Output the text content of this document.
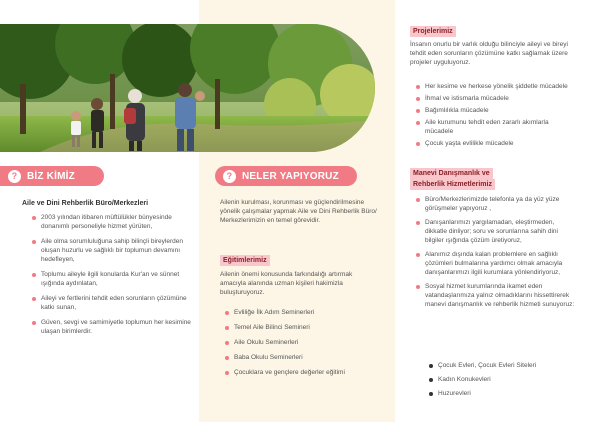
? BİZ KİMİZ
Aile ve Dini Rehberlik Büro/Merkezleri
2003 yılından itibaren müftülükler bünyesinde donanımlı personeliyle hizmet yürüten,
Aile olma sorumluluğuna sahip bilinçli bireylerden oluşan huzurlu ve sağlıklı bir toplumun devamını hedefleyen,
Toplumu aileyle ilgili konularda Kur'an ve sünnet ışığında aydınlatan,
Aileyi ve fertlerini tehdit eden sorunların çözümüne katkı sunan,
Güven, sevgi ve samimiyetle toplumun her kesimine ulaşan birimlerdir.
? NELER YAPIYORUZ
Ailenin kurulması, korunması ve güçlendirilmesine yönelik çalışmalar yapmak Aile ve Dini Rehberlik Büro/ Merkezlerimizin en temel görevidir.
Eğitimlerimiz
Ailenin önemi konusunda farkındalığı artırmak amacıyla alanında uzman kişileri hakimizla buluşturuyoruz.
Evliliğe İlk Adım Seminerleri
Temel Aile Bilinci Semineri
Aile Okulu Seminerleri
Baba Okulu Seminerleri
Çocuklara ve gençlere değerler eğitimi
Projelerimiz
İnsanın onurlu bir varlık olduğu bilinciyle aileyi ve bireyi tehdit eden sorunların çözümüne katkı sağlamak üzere projeler uyguluyoruz.
Her kesime ve herkese yönelik şiddetle mücadele
İhmal ve istismarla mücadele
Bağımlılıkla mücadele
Aile kurumunu tehdit eden zararlı akımlarla mücadele
Çocuk yaşta evlilikle mücadele
Manevi Danışmanlık ve
Rehberlik Hizmetlerimiz
Büro/Merkezlerimizde telefonla ya da yüz yüze görüşmeler yapıyoruz ,
Danışanlarımızı yargılamadan, eleştirmeden, dikkatle dinliyor; soru ve sorunlarına sahih dini bilgiler ışığında çözüm üretiyoruz,
Alanımız dışında kalan problemlere en sağlıklı çözümleri bulmalarına yardımcı olmak amacıyla danışanlarımızı ilgili kurumlara yönlendiriyoruz,
Sosyal hizmet kurumlarında ikamet eden vatandaşlarımıza yalnız olmadıklarını hissettirerek manevi danışmanlık ve rehberlik hizmeti sunuyoruz:
Çocuk Evleri, Çocuk Evleri Siteleri
Kadın Konukevleri
Huzurevleri
